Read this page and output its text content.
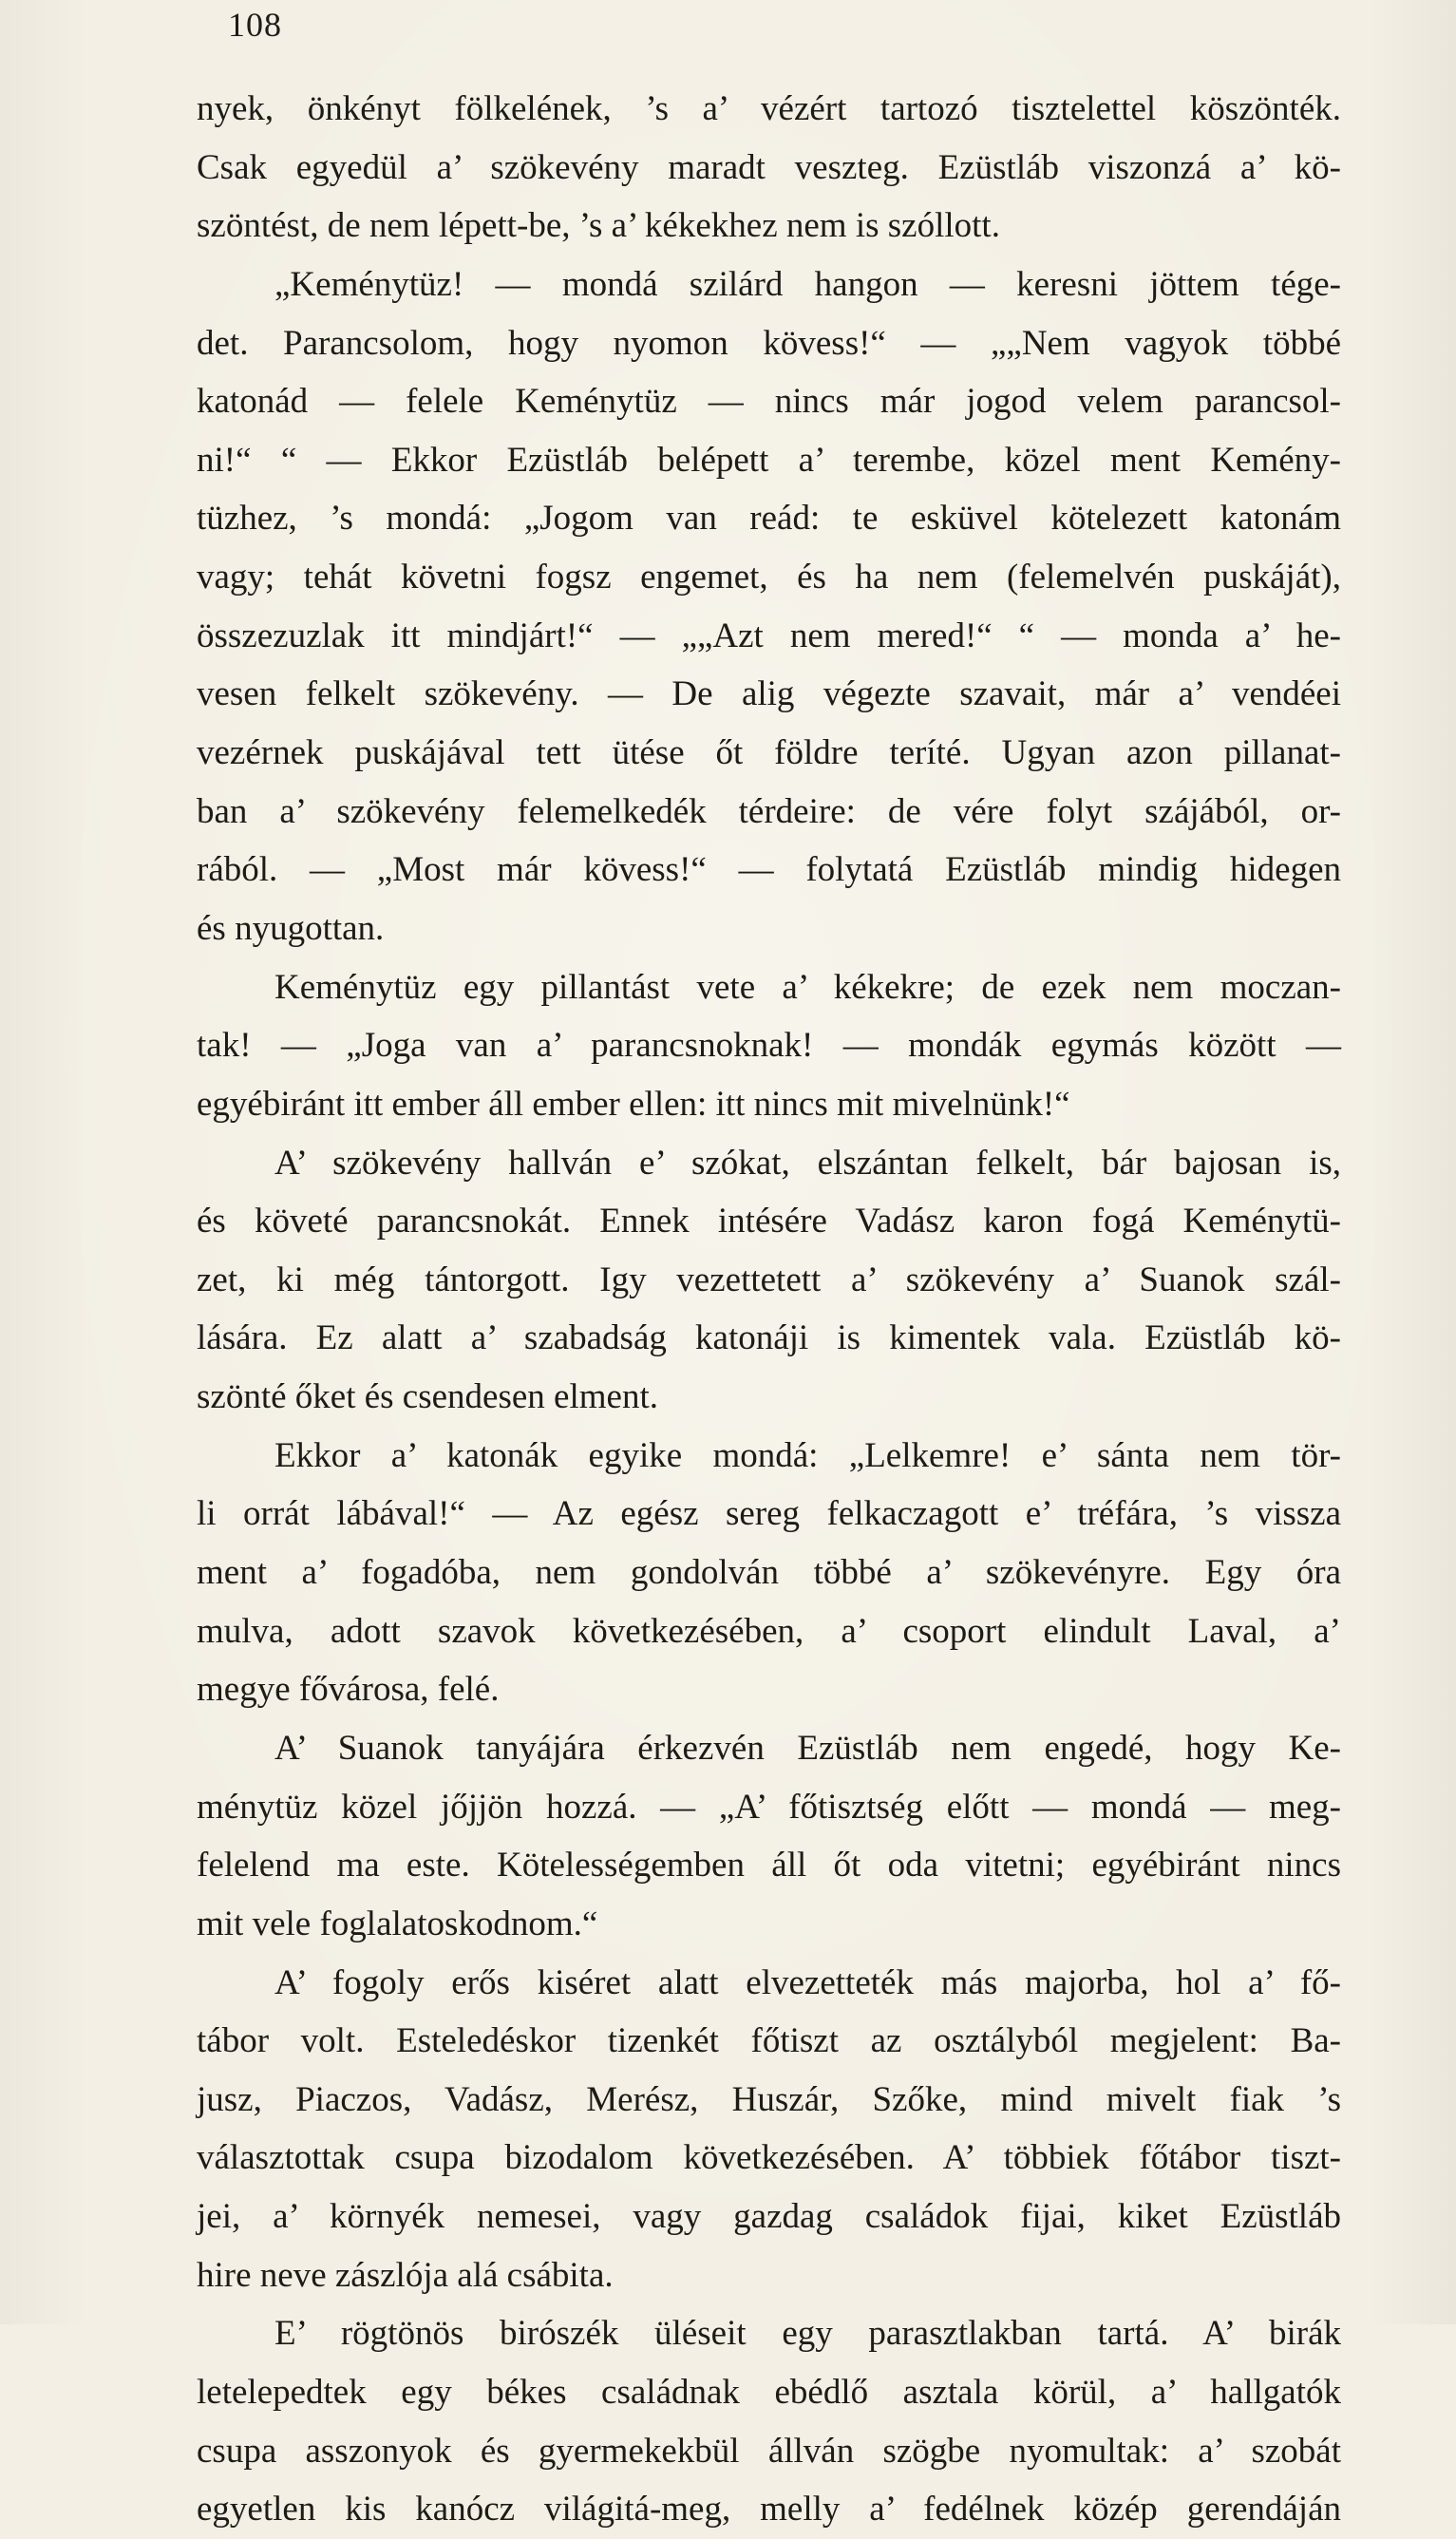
108
nyek, önkényt fölkelének, ’s a’ vézért tartozó tisztelettel köszönték.
Csak egyedül a’ szökevény maradt veszteg. Ezüstláb viszonzá a’ kö-
szöntést, de nem lépett-be, ’s a’ kékekhez nem is szóllott.
„Keménytüz! — mondá szilárd hangon — keresni jöttem tége-
det. Parancsolom, hogy nyomon kövess!“ — „„Nem vagyok többé
katonád — felele Keménytüz — nincs már jogod velem parancsol-
ni!“ “ — Ekkor Ezüstláb belépett a’ terembe, közel ment Kemény-
tüzhez, ’s mondá: „Jogom van reád: te esküvel kötelezett katonám
vagy; tehát követni fogsz engemet, és ha nem (felemelvén puskáját),
összezuzlak itt mindjárt!“ — „„Azt nem mered!“ “ — monda a’ he-
vesen felkelt szökevény. — De alig végezte szavait, már a’ vendéei
vezérnek puskájával tett ütése őt földre teríté. Ugyan azon pillanat-
ban a’ szökevény felemelkedék térdeire: de vére folyt szájából, or-
rából. — „Most már kövess!“ — folytatá Ezüstláb mindig hidegen
és nyugottan.
Keménytüz egy pillantást vete a’ kékekre; de ezek nem moczan-
tak! — „Joga van a’ parancsnoknak! — mondák egymás között —
egyébiránt itt ember áll ember ellen: itt nincs mit mivelnünk!“
A’ szökevény hallván e’ szókat, elszántan felkelt, bár bajosan is,
és követé parancsnokát. Ennek intésére Vadász karon fogá Keménytü-
zet, ki még tántorgott. Igy vezettetett a’ szökevény a’ Suanok szál-
lására. Ez alatt a’ szabadság katonáji is kimentek vala. Ezüstláb kö-
szönté őket és csendesen elment.
Ekkor a’ katonák egyike mondá: „Lelkemre! e’ sánta nem tör-
li orrát lábával!“ — Az egész sereg felkaczagott e’ tréfára, ’s vissza
ment a’ fogadóba, nem gondolván többé a’ szökevényre. Egy óra
mulva, adott szavok következésében, a’ csoport elindult Laval, a’
megye fővárosa, felé.
A’ Suanok tanyájára érkezvén Ezüstláb nem engedé, hogy Ke-
ménytüz közel jőjjön hozzá. — „A’ főtisztség előtt — mondá — meg-
felelend ma este. Kötelességemben áll őt oda vitetni; egyébiránt nincs
mit vele foglalatoskodnom.“
A’ fogoly erős kiséret alatt elvezetteték más majorba, hol a’ fő-
tábor volt. Esteledéskor tizenkét főtiszt az osztályból megjelent: Ba-
jusz, Piaczos, Vadász, Merész, Huszár, Szőke, mind mivelt fiak ’s
választottak csupa bizodalom következésében. A’ többiek főtábor tiszt-
jei, a’ környék nemesei, vagy gazdag családok fijai, kiket Ezüstláb
hire neve zászlója alá csábita.
E’ rögtönös birószék üléseit egy parasztlakban tartá. A’ birák
letelepedtek egy békes családnak ebédlő asztala körül, a’ hallgatók
csupa asszonyok és gyermekekbül állván szögbe nyomultak: a’ szobát
egyetlen kis kanócz világitá-meg, melly a’ fedélnek közép gerendáján
